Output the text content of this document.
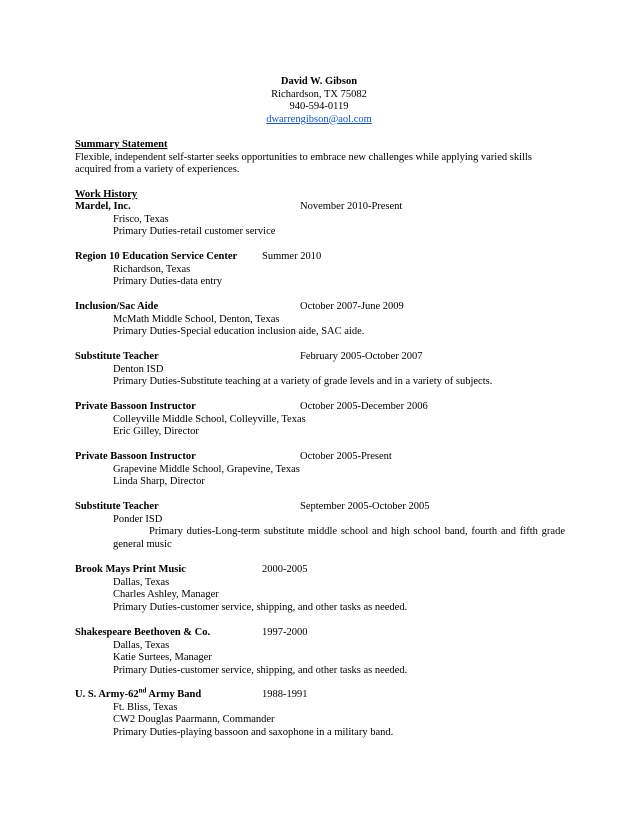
David W. Gibson
Richardson, TX 75082
940-594-0119
dwarrengibson@aol.com
Summary Statement
Flexible, independent self-starter seeks opportunities to embrace new challenges while applying varied skills
acquired from a variety of experiences.
Work History
Mardel, Inc.	November 2010-Present
Frisco, Texas
Primary Duties-retail customer service
Region 10 Education Service Center Summer 2010
Richardson, Texas
Primary Duties-data entry
Inclusion/Sac Aide	October 2007-June 2009
McMath Middle School, Denton, Texas
Primary Duties-Special education inclusion aide, SAC aide.
Substitute Teacher	February 2005-October 2007
Denton ISD
Primary Duties-Substitute teaching at a variety of grade levels and in a variety of subjects.
Private Bassoon Instructor	October 2005-December 2006
Colleyville Middle School, Colleyville, Texas
Eric Gilley, Director
Private Bassoon Instructor	October 2005-Present
Grapevine Middle School, Grapevine, Texas
Linda Sharp, Director
Substitute Teacher	September 2005-October 2005
Ponder ISD
Primary duties-Long-term substitute middle school and high school band, fourth and fifth grade general music
Brook Mays Print Music	2000-2005
Dallas, Texas
Charles Ashley, Manager
Primary Duties-customer service, shipping, and other tasks as needed.
Shakespeare Beethoven & Co.	1997-2000
Dallas, Texas
Katie Surtees, Manager
Primary Duties-customer service, shipping, and other tasks as needed.
U. S. Army-62nd Army Band	1988-1991
Ft. Bliss, Texas
CW2 Douglas Paarmann, Commander
Primary Duties-playing bassoon and saxophone in a military band.
